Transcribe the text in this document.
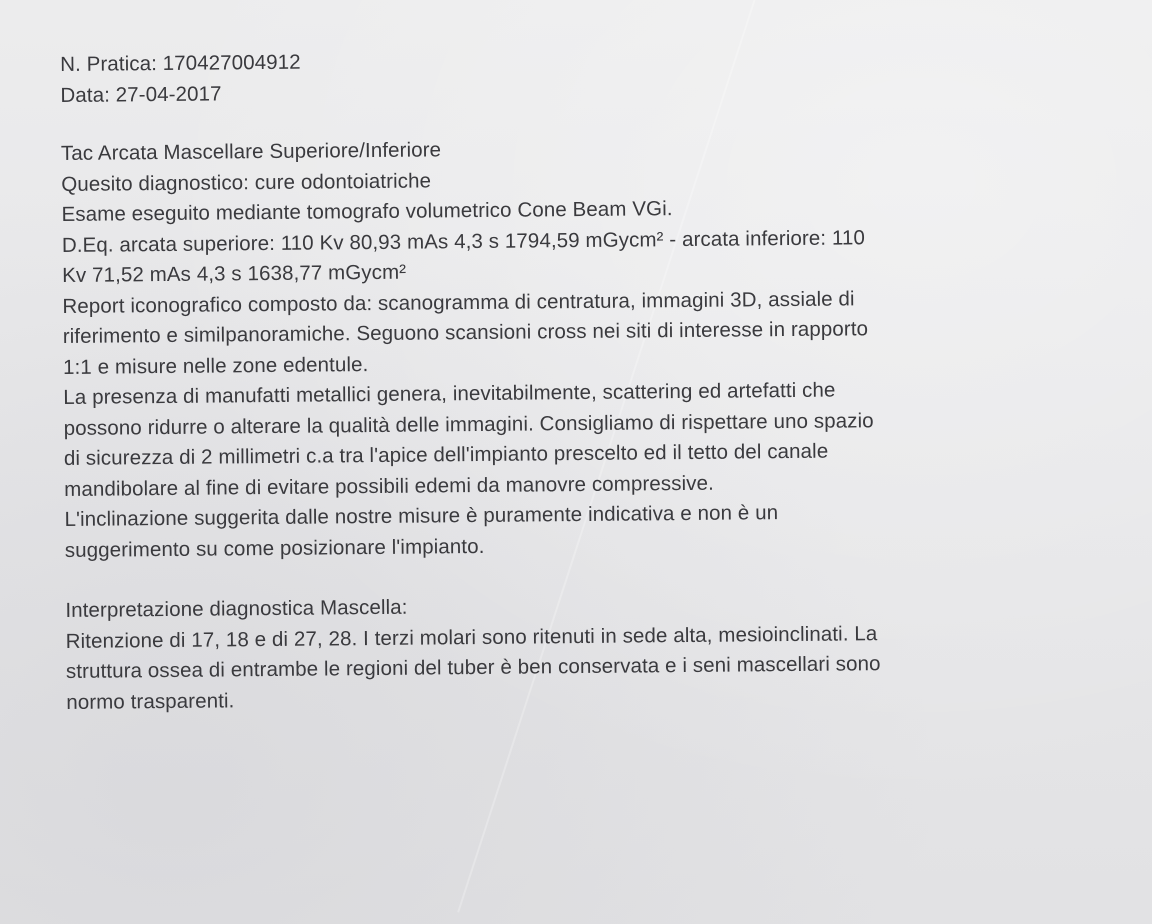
N. Pratica: 170427004912
Data: 27-04-2017
Tac Arcata Mascellare Superiore/Inferiore
Quesito diagnostico: cure odontoiatriche
Esame eseguito mediante tomografo volumetrico Cone Beam VGi.
D.Eq. arcata superiore: 110 Kv 80,93 mAs 4,3 s 1794,59 mGycm² - arcata inferiore: 110
Kv 71,52 mAs 4,3 s 1638,77 mGycm²
Report iconografico composto da: scanogramma di centratura, immagini 3D, assiale di
riferimento e similpanoramiche. Seguono scansioni cross nei siti di interesse in rapporto
1:1 e misure nelle zone edentule.
La presenza di manufatti metallici genera, inevitabilmente, scattering ed artefatti che
possono ridurre o alterare la qualità delle immagini. Consigliamo di rispettare uno spazio
di sicurezza di 2 millimetri c.a tra l'apice dell'impianto prescelto ed il tetto del canale
mandibolare al fine di evitare possibili edemi da manovre compressive.
L'inclinazione suggerita dalle nostre misure è puramente indicativa e non è un
suggerimento su come posizionare l'impianto.
Interpretazione diagnostica Mascella:
Ritenzione di 17, 18 e di 27, 28. I terzi molari sono ritenuti in sede alta, mesioinclinati. La
struttura ossea di entrambe le regioni del tuber è ben conservata e i seni mascellari sono
normo trasparenti.
